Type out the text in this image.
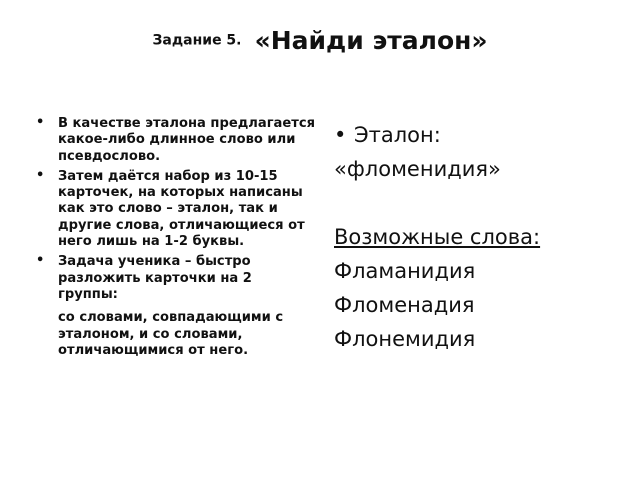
Задание 5. «Найди эталон»
• В качестве эталона предлагается какое-либо длинное слово или псевдослово.
• Затем даётся набор из 10-15 карточек, на которых написаны как это слово – эталон, так и другие слова, отличающиеся от него лишь на 1-2 буквы.
• Задача ученика – быстро разложить карточки на 2 группы:
со словами, совпадающими с эталоном, и со словами, отличающимися от него.
• Эталон:
«фломенидия»
Возможные слова:
Фламанидия
Фломенадия
Флонемидия
